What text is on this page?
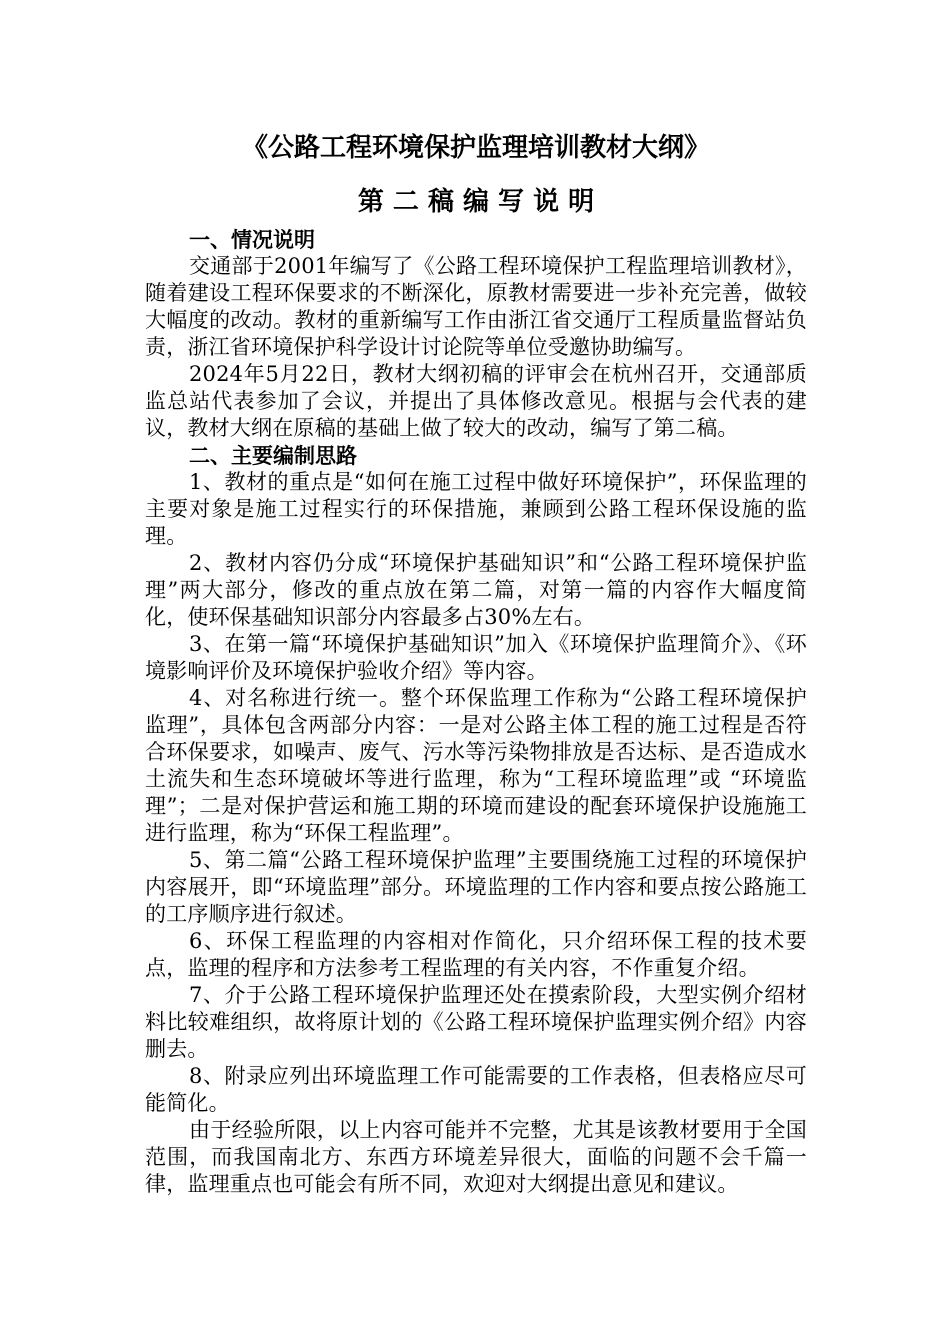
《公路工程环境保护监理培训教材大纲》
第 二 稿 编 写 说 明

一、情况说明

交通部于2001年编写了《公路工程环境保护工程监理培训教材》，随着建设工程环保要求的不断深化，原教材需要进一步补充完善，做较大幅度的改动。教材的重新编写工作由浙江省交通厅工程质量监督站负责，浙江省环境保护科学设计讨论院等单位受邀协助编写。

2024年5月22日，教材大纲初稿的评审会在杭州召开，交通部质监总站代表参加了会议，并提出了具体修改意见。根据与会代表的建议，教材大纲在原稿的基础上做了较大的改动，编写了第二稿。

二、主要编制思路

1、教材的重点是“如何在施工过程中做好环境保护”，环保监理的主要对象是施工过程实行的环保措施，兼顾到公路工程环保设施的监理。

2、教材内容仍分成“环境保护基础知识”和“公路工程环境保护监理”两大部分，修改的重点放在第二篇，对第一篇的内容作大幅度简化，使环保基础知识部分内容最多占30%左右。

3、在第一篇“环境保护基础知识”加入《环境保护监理简介》、《环境影响评价及环境保护验收介绍》等内容。

4、对名称进行统一。整个环保监理工作称为“公路工程环境保护监理”，具体包含两部分内容：一是对公路主体工程的施工过程是否符合环保要求，如噪声、废气、污水等污染物排放是否达标、是否造成水土流失和生态环境破坏等进行监理，称为“工程环境监理”或 “环境监理”；二是对保护营运和施工期的环境而建设的配套环境保护设施施工进行监理，称为“环保工程监理”。

5、第二篇“公路工程环境保护监理”主要围绕施工过程的环境保护内容展开，即“环境监理”部分。环境监理的工作内容和要点按公路施工的工序顺序进行叙述。

6、环保工程监理的内容相对作简化，只介绍环保工程的技术要点，监理的程序和方法参考工程监理的有关内容，不作重复介绍。

7、介于公路工程环境保护监理还处在摸索阶段，大型实例介绍材料比较难组织，故将原计划的《公路工程环境保护监理实例介绍》内容删去。

8、附录应列出环境监理工作可能需要的工作表格，但表格应尽可能简化。

由于经验所限，以上内容可能并不完整，尤其是该教材要用于全国范围，而我国南北方、东西方环境差异很大，面临的问题不会千篇一律，监理重点也可能会有所不同，欢迎对大纲提出意见和建议。
